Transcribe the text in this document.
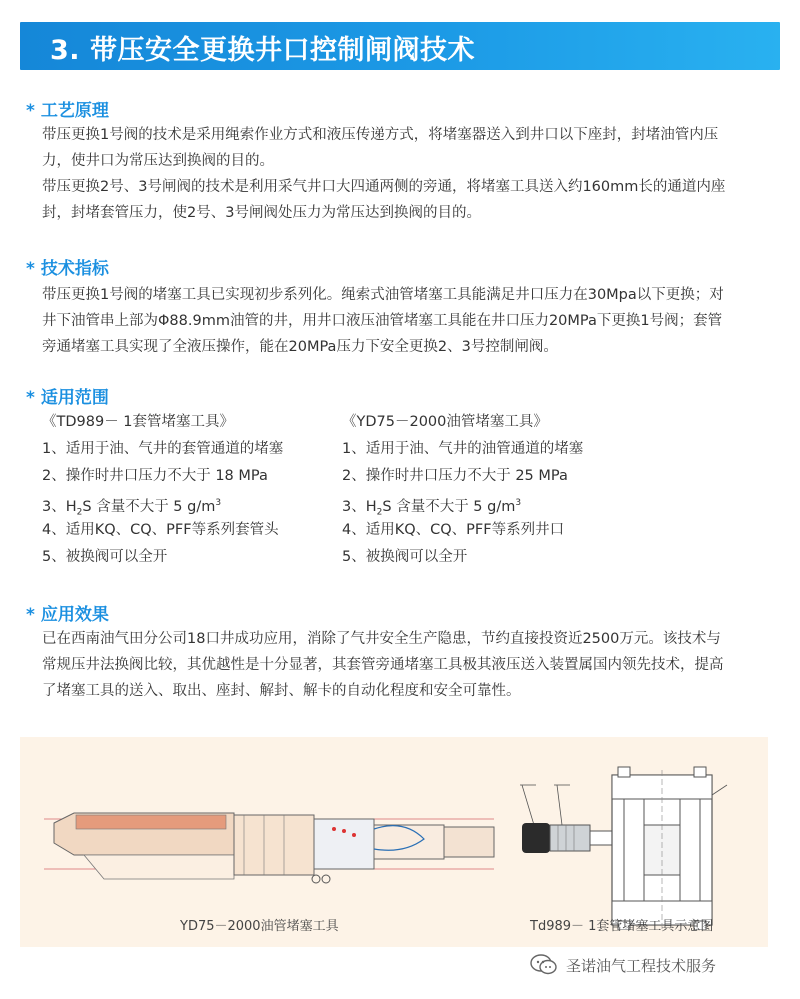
3. 带压安全更换井口控制闸阀技术
* 工艺原理

带压更换1号阀的技术是采用绳索作业方式和液压传递方式，将堵塞器送入到井口以下座封，封堵油管内压

力，使井口为常压达到换阀的目的。

带压更换2号、3号闸阀的技术是利用采气井口大四通两侧的旁通，将堵塞工具送入约160mm长的通道内座

封，封堵套管压力，使2号、3号闸阀处压力为常压达到换阀的目的。

* 技术指标

带压更换1号阀的堵塞工具已实现初步系列化。绳索式油管堵塞工具能满足井口压力在30Mpa以下更换；对

井下油管串上部为Φ88.9mm油管的井，用井口液压油管堵塞工具能在井口压力20MPa下更换1号阀；套管

旁通堵塞工具实现了全液压操作，能在20MPa压力下安全更换2、3号控制闸阀。

* 适用范围
《TD989－ 1套管堵塞工具》
1、适用于油、气井的套管通道的堵塞
2、操作时井口压力不大于 18 MPa
3、$H_2S$ 含量不大于 5 $g/m^3$
4、适用KQ、CQ、PFF等系列套管头
5、被换阀可以全开
《YD75－2000油管堵塞工具》
1、适用于油、气井的油管通道的堵塞
2、操作时井口压力不大于 25 MPa
3、$H_2S$ 含量不大于 5 $g/m^3$
4、适用KQ、CQ、PFF等系列井口
5、被换阀可以全开
* 应用效果

已在西南油气田分公司18口井成功应用，消除了气井安全生产隐患，节约直接投资近2500万元。该技术与

常规压井法换阀比较，其优越性是十分显著，其套管旁通堵塞工具极其液压送入装置属国内领先技术，提高

了堵塞工具的送入、取出、座封、解封、解卡的自动化程度和安全可靠性。

YD75－2000油管堵塞工具	Td989－ 1套管堵塞工具示意图
圣诺油气工程技术服务
